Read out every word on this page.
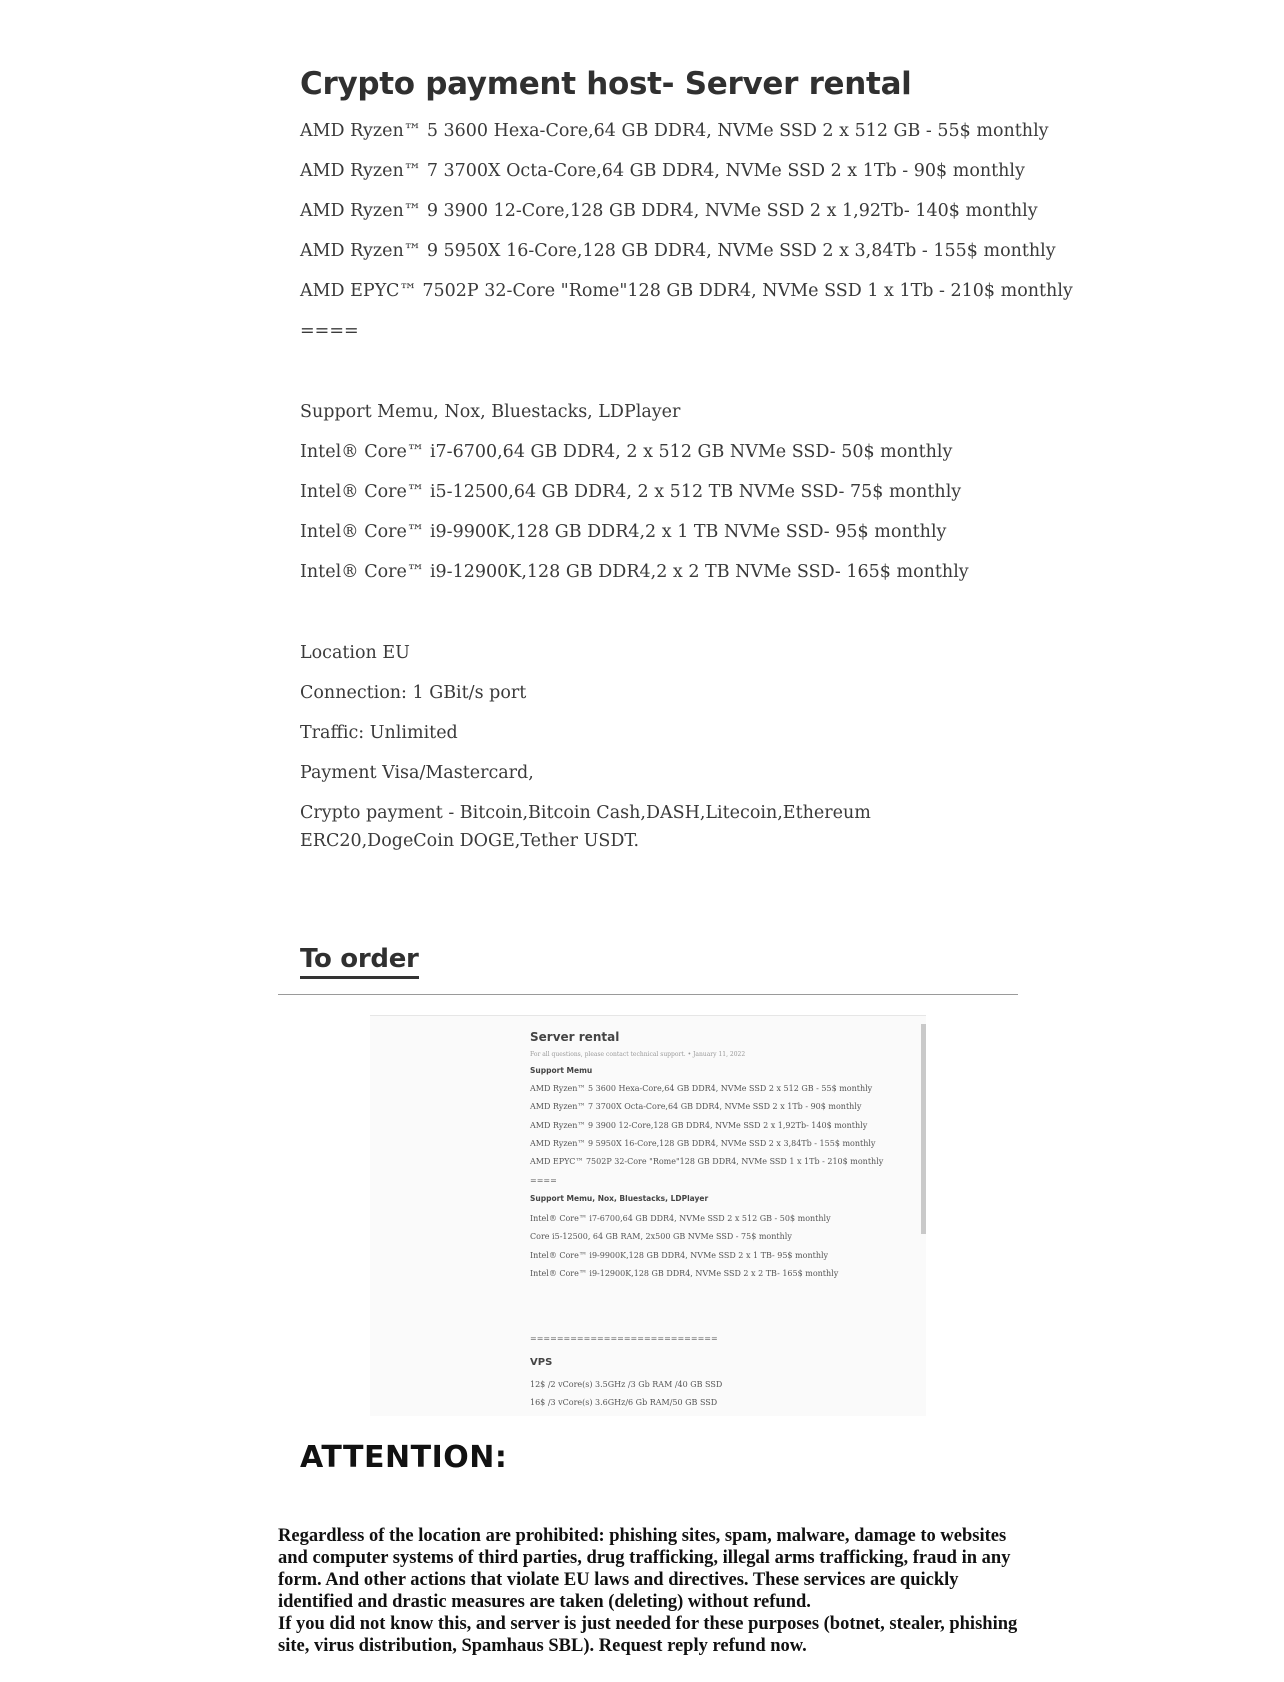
Crypto payment host- Server rental

AMD Ryzen™ 5 3600 Hexa-Core,64 GB DDR4, NVMe SSD 2 x 512 GB - 55$ monthly

AMD Ryzen™ 7 3700X Octa-Core,64 GB DDR4, NVMe SSD 2 x 1Tb - 90$ monthly

AMD Ryzen™ 9 3900 12-Core,128 GB DDR4, NVMe SSD 2 x 1,92Tb- 140$ monthly

AMD Ryzen™ 9 5950X 16-Core,128 GB DDR4, NVMe SSD 2 x 3,84Tb - 155$ monthly

AMD EPYC™ 7502P 32-Core "Rome"128 GB DDR4, NVMe SSD 1 x 1Tb - 210$ monthly

====

Support Memu, Nox, Bluestacks, LDPlayer

Intel® Core™ i7-6700,64 GB DDR4, 2 x 512 GB NVMe SSD- 50$ monthly

Intel® Core™ i5-12500,64 GB DDR4, 2 x 512 TB NVMe SSD- 75$ monthly

Intel® Core™ i9-9900K,128 GB DDR4,2 x 1 TB NVMe SSD- 95$ monthly

Intel® Core™ i9-12900K,128 GB DDR4,2 x 2 TB NVMe SSD- 165$ monthly

Location EU

Connection: 1 GBit/s port

Traffic: Unlimited

Payment Visa/Mastercard,

Crypto payment - Bitcoin,Bitcoin Cash,DASH,Litecoin,Ethereum ERC20,DogeCoin DOGE,Tether USDT.

To order

Server rental

For all questions, please contact technical support. • January 11, 2022

Support Memu

AMD Ryzen™ 5 3600 Hexa-Core,64 GB DDR4, NVMe SSD 2 x 512 GB - 55$ monthly

AMD Ryzen™ 7 3700X Octa-Core,64 GB DDR4, NVMe SSD 2 x 1Tb - 90$ monthly

AMD Ryzen™ 9 3900 12-Core,128 GB DDR4, NVMe SSD 2 x 1,92Tb- 140$ monthly

AMD Ryzen™ 9 5950X 16-Core,128 GB DDR4, NVMe SSD 2 x 3,84Tb - 155$ monthly

AMD EPYC™ 7502P 32-Core "Rome"128 GB DDR4, NVMe SSD 1 x 1Tb - 210$ monthly

====

Support Memu, Nox, Bluestacks, LDPlayer

Intel® Core™ i7-6700,64 GB DDR4, NVMe SSD 2 x 512 GB - 50$ monthly

Core i5-12500, 64 GB RAM, 2x500 GB NVMe SSD - 75$ monthly

Intel® Core™ i9-9900K,128 GB DDR4, NVMe SSD 2 x 1 TB- 95$ monthly

Intel® Core™ i9-12900K,128 GB DDR4, NVMe SSD 2 x 2 TB- 165$ monthly

============================

VPS

12$ /2 vCore(s) 3.5GHz /3 Gb RAM /40 GB SSD

16$ /3 vCore(s) 3.6GHz/6 Gb RAM/50 GB SSD

ATTENTION:
Regardless of the location are prohibited: phishing sites, spam, malware, damage to websites and computer systems of third parties, drug trafficking, illegal arms trafficking, fraud in any form. And other actions that violate EU laws and directives. These services are quickly identified and drastic measures are taken (deleting) without refund.
If you did not know this, and server is just needed for these purposes (botnet, stealer, phishing site, virus distribution, Spamhaus SBL). Request reply refund now.
